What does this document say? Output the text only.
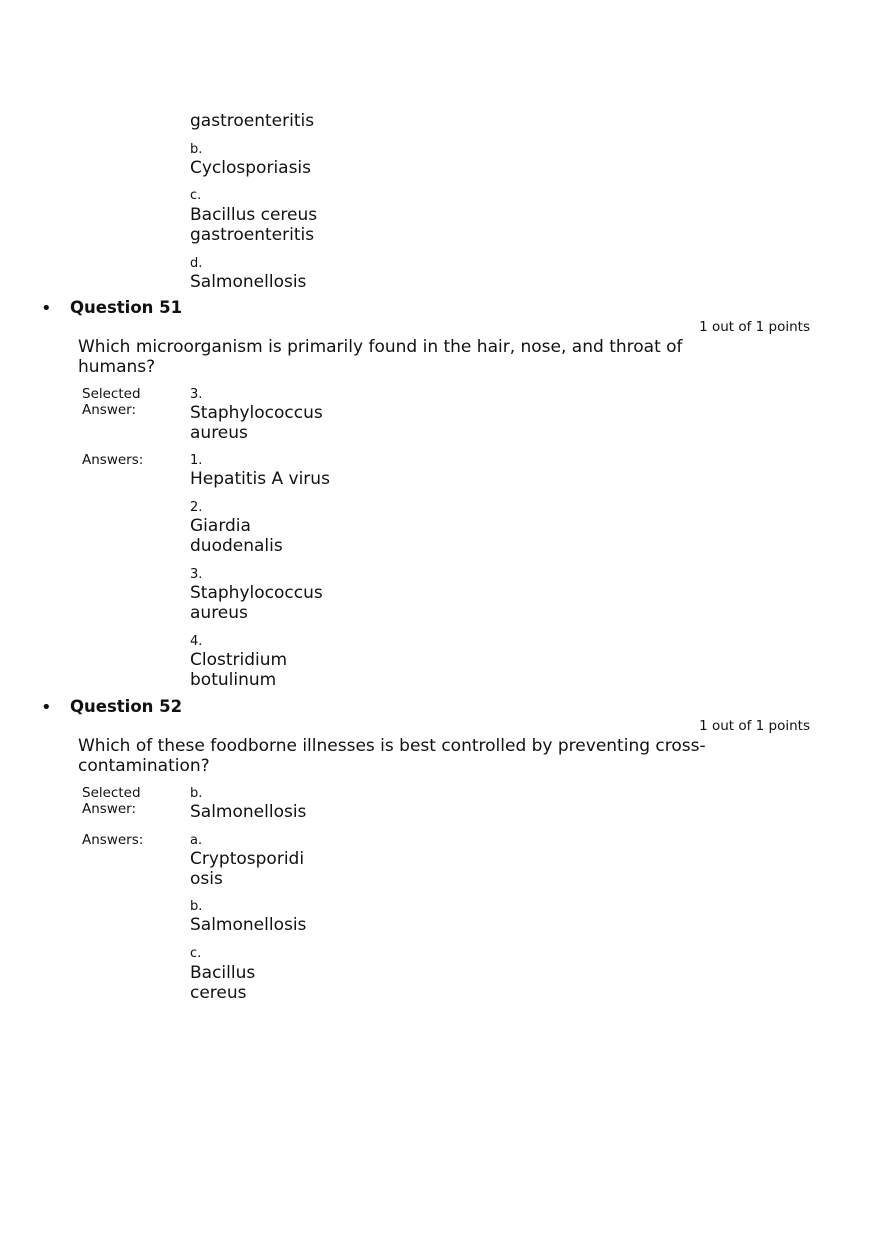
gastroenteritis
b.
Cyclosporiasis
c.
Bacillus cereus
gastroenteritis
d.
Salmonellosis
• Question 51
1 out of 1 points
Which microorganism is primarily found in the hair, nose, and throat of
humans?
Selected
Answer:
3.
Staphylococcus
aureus
Answers:	1.
Hepatitis A virus
2.
Giardia
duodenalis
3.
Staphylococcus
aureus
4.
Clostridium
botulinum
• Question 52
1 out of 1 points
Which of these foodborne illnesses is best controlled by preventing cross-
contamination?
Selected
Answer:
b.
Salmonellosis
Answers:	a.
Cryptosporidi
osis
b.
Salmonellosis
c.
Bacillus
cereus
